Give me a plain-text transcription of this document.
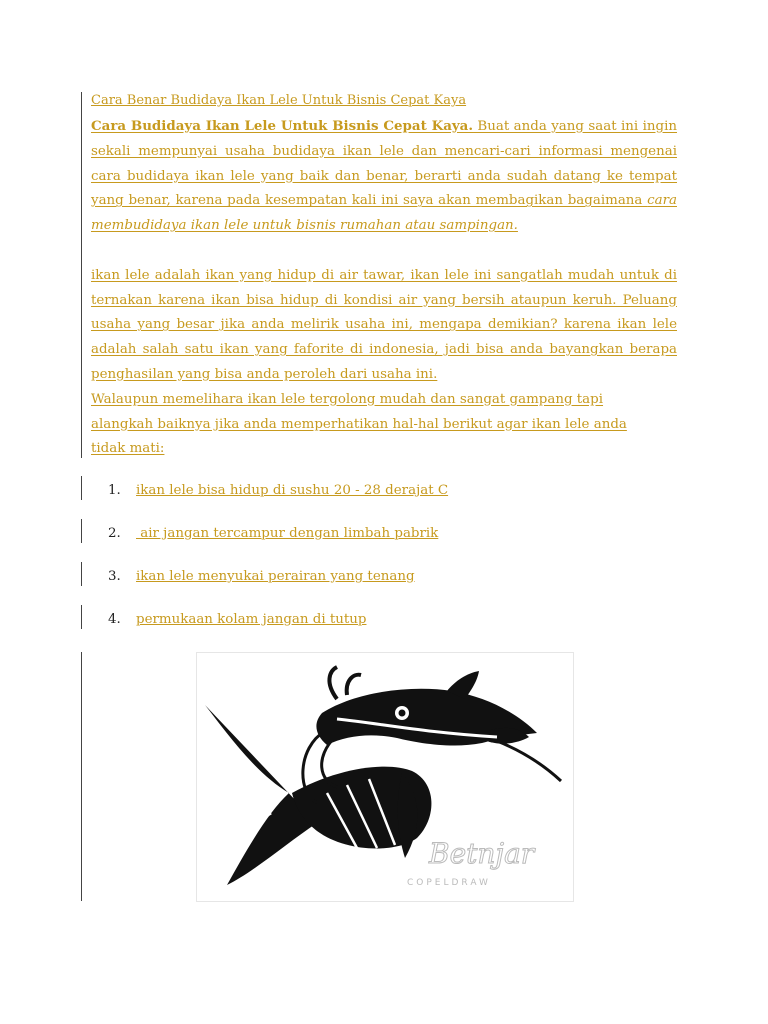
Cara Benar Budidaya Ikan Lele Untuk Bisnis Cepat Kaya

Cara Budidaya Ikan Lele Untuk Bisnis Cepat Kaya. Buat anda yang saat ini ingin sekali mempunyai usaha budidaya ikan lele dan mencari-cari informasi mengenai cara budidaya ikan lele yang baik dan benar, berarti anda sudah datang ke tempat yang benar, karena pada kesempatan kali ini saya akan membagikan bagaimana cara membudidaya ikan lele untuk bisnis rumahan atau sampingan.

ikan lele adalah ikan yang hidup di air tawar, ikan lele ini sangatlah mudah untuk di ternakan karena ikan bisa hidup di kondisi air yang bersih ataupun keruh. Peluang usaha yang besar jika anda melirik usaha ini, mengapa demikian? karena ikan lele adalah salah satu ikan yang faforite di indonesia, jadi bisa anda bayangkan berapa penghasilan yang bisa anda peroleh dari usaha ini.

Walaupun memelihara ikan lele tergolong mudah dan sangat gampang tapi
alangkah baiknya jika anda memperhatikan hal-hal berikut agar ikan lele anda
tidak mati:

1. ikan lele bisa hidup di sushu 20 - 28 derajat C
2. air jangan tercampur dengan limbah pabrik
3. ikan lele menyukai perairan yang tenang
4. permukaan kolam jangan di tutup
Betnjar
COPELDRAW
